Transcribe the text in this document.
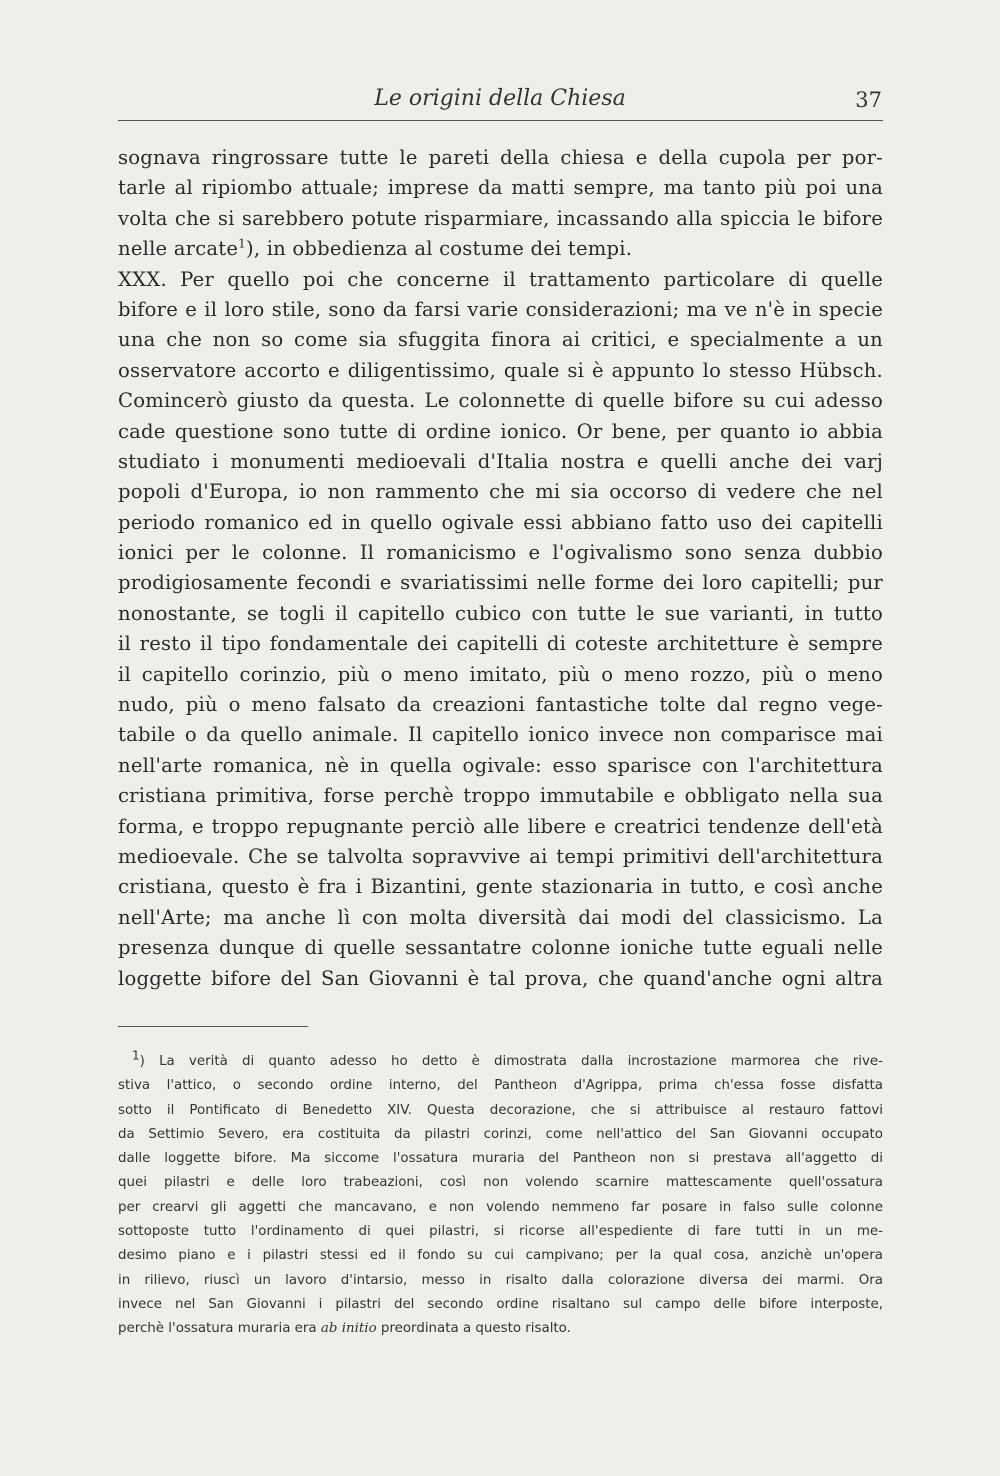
Le origini della Chiesa	37
sognava ringrossare tutte le pareti della chiesa e della cupola per por-
tarle al ripiombo attuale; imprese da matti sempre, ma tanto più poi una
volta che si sarebbero potute risparmiare, incassando alla spiccia le bifore
nelle arcate$^1$), in obbedienza al costume dei tempi.
XXX. Per quello poi che concerne il trattamento particolare di quelle
bifore e il loro stile, sono da farsi varie considerazioni; ma ve n'è in specie
una che non so come sia sfuggita finora ai critici, e specialmente a un
osservatore accorto e diligentissimo, quale si è appunto lo stesso Hübsch.
Comincerò giusto da questa. Le colonnette di quelle bifore su cui adesso
cade questione sono tutte di ordine ionico. Or bene, per quanto io abbia
studiato i monumenti medioevali d'Italia nostra e quelli anche dei varj
popoli d'Europa, io non rammento che mi sia occorso di vedere che nel
periodo romanico ed in quello ogivale essi abbiano fatto uso dei capitelli
ionici per le colonne. Il romanicismo e l'ogivalismo sono senza dubbio
prodigiosamente fecondi e svariatissimi nelle forme dei loro capitelli; pur
nonostante, se togli il capitello cubico con tutte le sue varianti, in tutto
il resto il tipo fondamentale dei capitelli di coteste architetture è sempre
il capitello corinzio, più o meno imitato, più o meno rozzo, più o meno
nudo, più o meno falsato da creazioni fantastiche tolte dal regno vege-
tabile o da quello animale. Il capitello ionico invece non comparisce mai
nell'arte romanica, nè in quella ogivale: esso sparisce con l'architettura
cristiana primitiva, forse perchè troppo immutabile e obbligato nella sua
forma, e troppo repugnante perciò alle libere e creatrici tendenze dell'età
medioevale. Che se talvolta sopravvive ai tempi primitivi dell'architettura
cristiana, questo è fra i Bizantini, gente stazionaria in tutto, e così anche
nell'Arte; ma anche lì con molta diversità dai modi del classicismo. La
presenza dunque di quelle sessantatre colonne ioniche tutte eguali nelle
loggette bifore del San Giovanni è tal prova, che quand'anche ogni altra
$^1$) La verità di quanto adesso ho detto è dimostrata dalla incrostazione marmorea che rive-
stiva l'attico, o secondo ordine interno, del Pantheon d'Agrippa, prima ch'essa fosse disfatta
sotto il Pontificato di Benedetto XIV. Questa decorazione, che si attribuisce al restauro fattovi
da Settimio Severo, era costituita da pilastri corinzi, come nell'attico del San Giovanni occupato
dalle loggette bifore. Ma siccome l'ossatura muraria del Pantheon non si prestava all'aggetto di
quei pilastri e delle loro trabeazioni, così non volendo scarnire mattescamente quell'ossatura
per crearvi gli aggetti che mancavano, e non volendo nemmeno far posare in falso sulle colonne
sottoposte tutto l'ordinamento di quei pilastri, si ricorse all'espediente di fare tutti in un me-
desimo piano e i pilastri stessi ed il fondo su cui campivano; per la qual cosa, anzichè un'opera
in rilievo, riuscì un lavoro d'intarsio, messo in risalto dalla colorazione diversa dei marmi. Ora
invece nel San Giovanni i pilastri del secondo ordine risaltano sul campo delle bifore interposte,
perchè l'ossatura muraria era ab initio preordinata a questo risalto.
